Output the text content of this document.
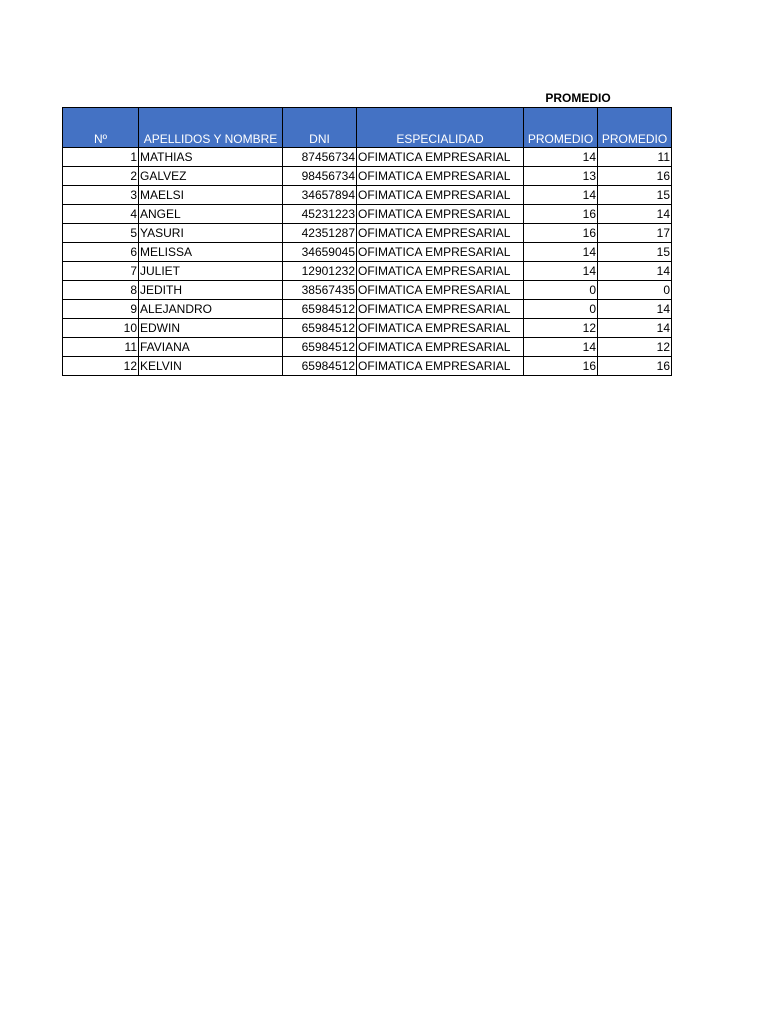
PROMEDIO
Nº	APELLIDOS Y NOMBRE	DNI	ESPECIALIDAD	PROMEDIO	PROMEDIO
1	MATHIAS	87456734	OFIMATICA EMPRESARIAL	14	11
2	GALVEZ	98456734	OFIMATICA EMPRESARIAL	13	16
3	MAELSI	34657894	OFIMATICA EMPRESARIAL	14	15
4	ANGEL	45231223	OFIMATICA EMPRESARIAL	16	14
5	YASURI	42351287	OFIMATICA EMPRESARIAL	16	17
6	MELISSA	34659045	OFIMATICA EMPRESARIAL	14	15
7	JULIET	12901232	OFIMATICA EMPRESARIAL	14	14
8	JEDITH	38567435	OFIMATICA EMPRESARIAL	0	0
9	ALEJANDRO	65984512	OFIMATICA EMPRESARIAL	0	14
10	EDWIN	65984512	OFIMATICA EMPRESARIAL	12	14
11	FAVIANA	65984512	OFIMATICA EMPRESARIAL	14	12
12	KELVIN	65984512	OFIMATICA EMPRESARIAL	16	16
